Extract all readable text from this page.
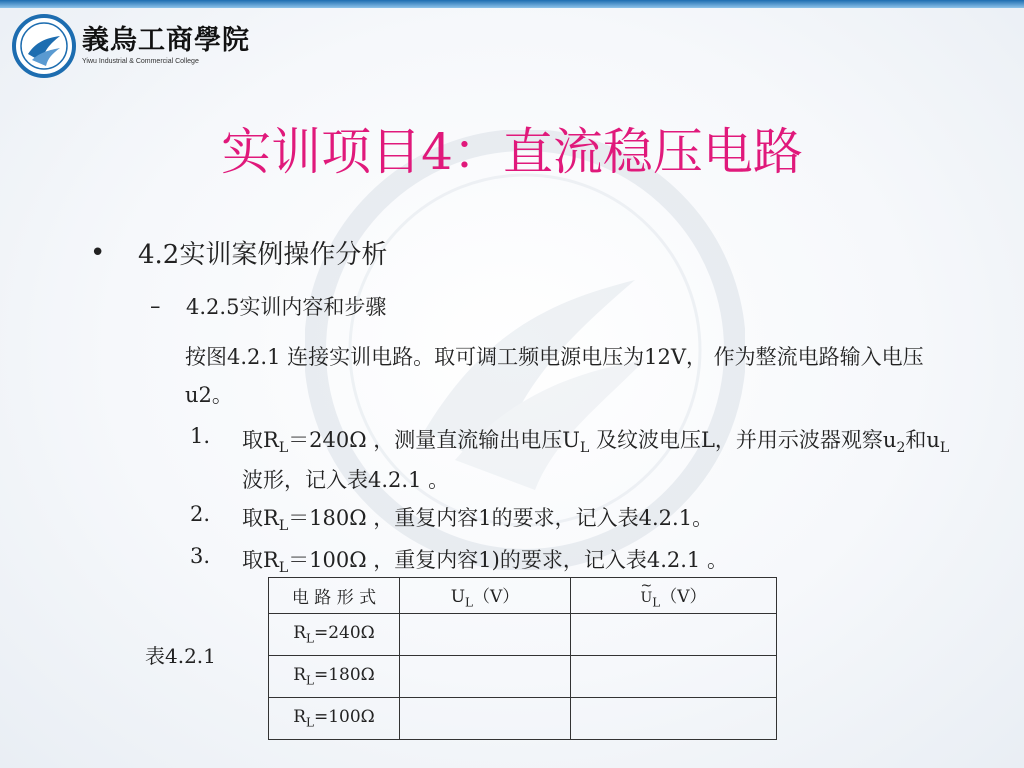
義烏工商學院
Yiwu Industrial & Commercial College
实训项目4：直流稳压电路
•	4.2实训案例操作分析
–	4.2.5实训内容和步骤
按图4.2.1 连接实训电路。取可调工频电源电压为12V， 作为整流电路输入电压u2。
1.	取$R_L=240\Omega$ ，测量直流输出电压$U_L$ 及纹波电压L，并用示波器观察$u_2$和$u_L$波形，记入表4.2.1 。
2.	取$R_L=180\Omega$ ，重复内容1的要求，记入表4.2.1。
3.	取$R_L=100\Omega$ ，重复内容1)的要求，记入表4.2.1 。
表4.2.1
电 路 形 式	$U_L(V)$	~ $U_L(V)$
$R_L=240\Omega$		
$R_L=180\Omega$		
$R_L=100\Omega$		
